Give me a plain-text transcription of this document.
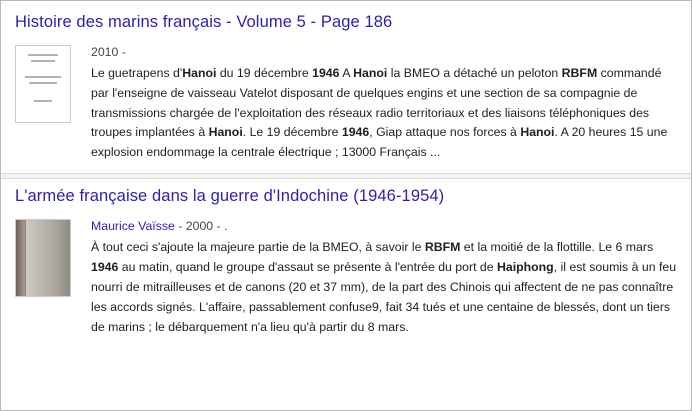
Histoire des marins français - Volume 5 - Page 186
2010 -
Le guetrapens d'Hanoi du 19 décembre 1946 A Hanoi la BMEO a détaché un peloton RBFM commandé par l'enseigne de vaisseau Vatelot disposant de quelques engins et une section de sa compagnie de transmissions chargée de l'exploitation des réseaux radio territoriaux et des liaisons téléphoniques des troupes implantées à Hanoi. Le 19 décembre 1946, Giap attaque nos forces à Hanoi. A 20 heures 15 une explosion endommage la centrale électrique ; 13000 Français ...
L'armée française dans la guerre d'Indochine (1946-1954)
Maurice Vaïsse - 2000 - .
À tout ceci s'ajoute la majeure partie de la BMEO, à savoir le RBFM et la moitié de la flottille. Le 6 mars 1946 au matin, quand le groupe d'assaut se présente à l'entrée du port de Haiphong, il est soumis à un feu nourri de mitrailleuses et de canons (20 et 37 mm), de la part des Chinois qui affectent de ne pas connaître les accords signés. L'affaire, passablement confuse9, fait 34 tués et une centaine de blessés, dont un tiers de marins ; le débarquement n'a lieu qu'à partir du 8 mars.
